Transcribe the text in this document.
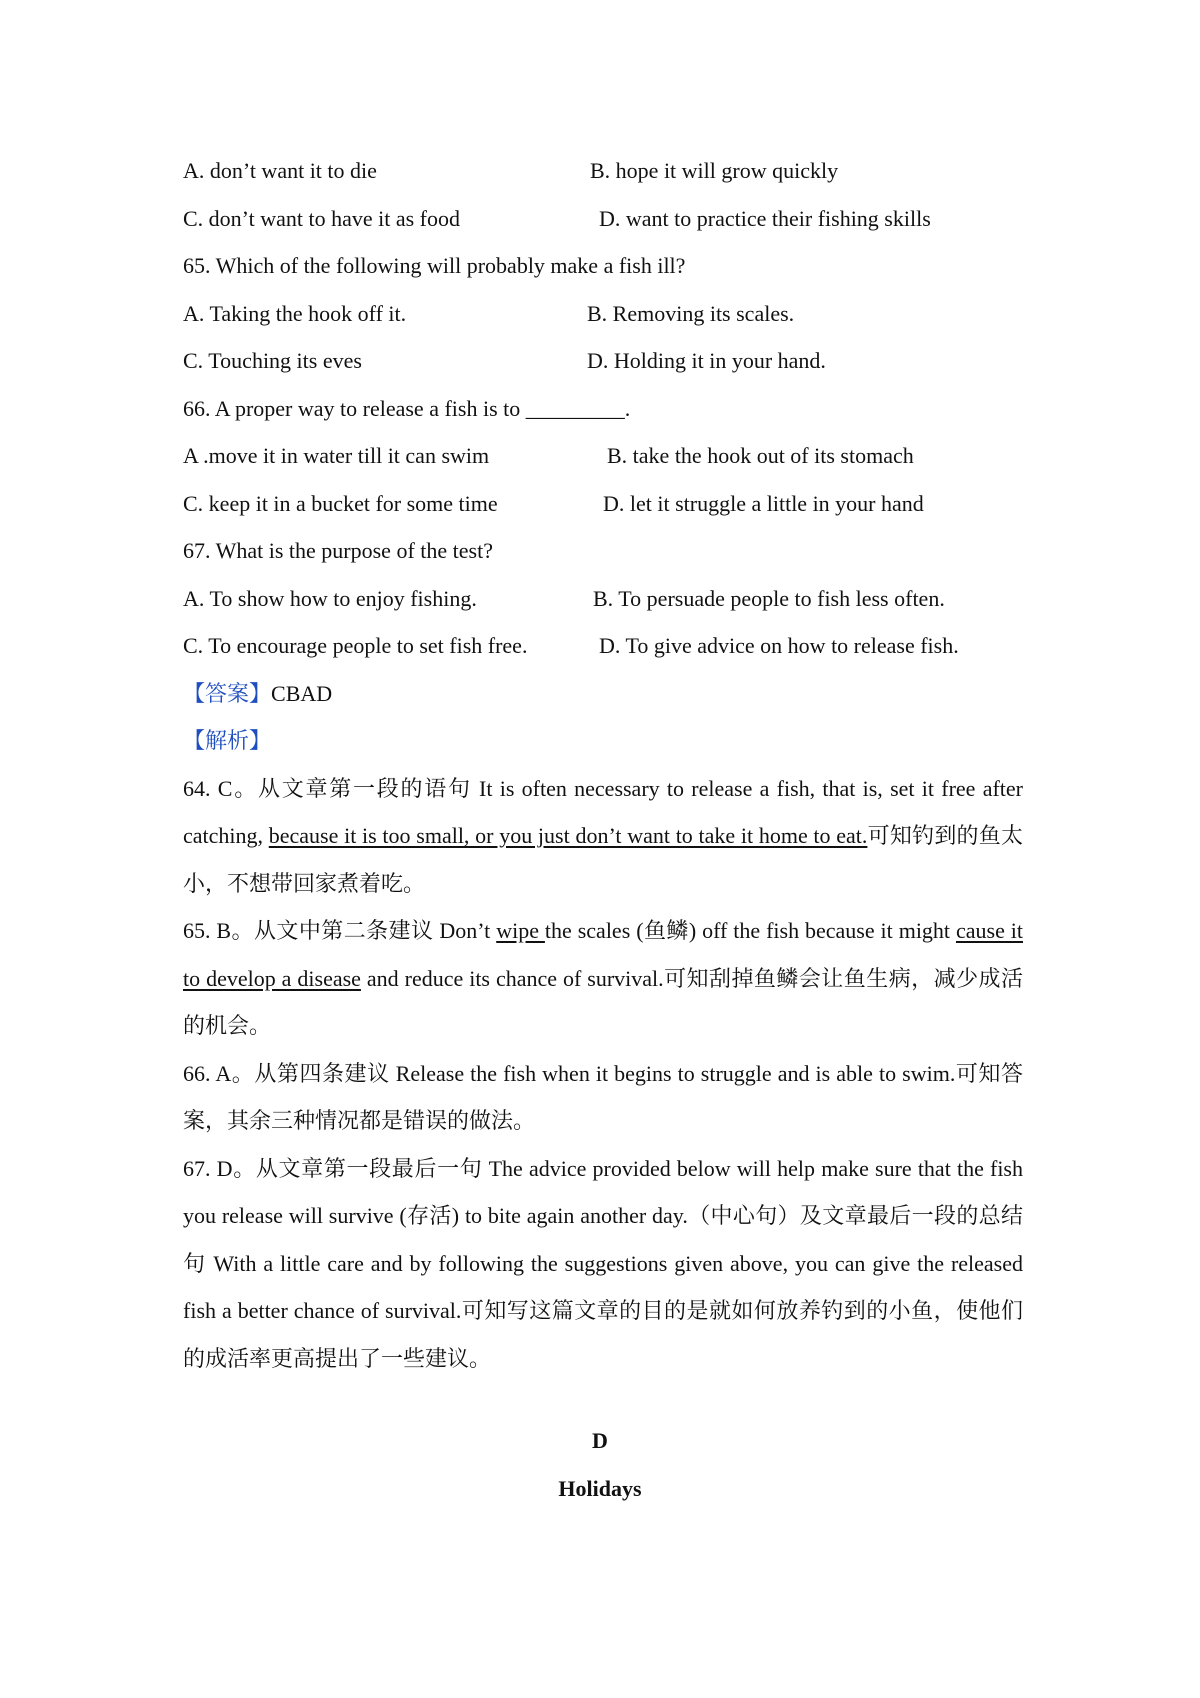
A. don’t want it to die	B. hope it will grow quickly
C. don’t want to have it as food	D. want to practice their fishing skills
65. Which of the following will probably make a fish ill?
A. Taking the hook off it.	B. Removing its scales.
C. Touching its eves	D. Holding it in your hand.
66. A proper way to release a fish is to _________.
A .move it in water till it can swim	B. take the hook out of its stomach
C. keep it in a bucket for some time	D. let it struggle a little in your hand
67. What is the purpose of the test?
A. To show how to enjoy fishing.	B. To persuade people to fish less often.
C. To encourage people to set fish free.	D. To give advice on how to release fish.
【答案】CBAD
【解析】
64. C。从文章第一段的语句 It is often necessary to release a fish, that is, set it free after catching, because it is too small, or you just don’t want to take it home to eat.可知钓到的鱼太小，不想带回家煮着吃。
65. B。从文中第二条建议 Don’t wipe the scales (鱼鳞) off the fish because it might cause it to develop a disease and reduce its chance of survival.可知刮掉鱼鳞会让鱼生病，减少成活的机会。
66. A。从第四条建议 Release the fish when it begins to struggle and is able to swim.可知答案，其余三种情况都是错误的做法。
67. D。从文章第一段最后一句 The advice provided below will help make sure that the fish you release will survive (存活) to bite again another day.（中心句）及文章最后一段的总结句 With a little care and by following the suggestions given above, you can give the released fish a better chance of survival.可知写这篇文章的目的是就如何放养钓到的小鱼，使他们的成活率更高提出了一些建议。
D
Holidays
